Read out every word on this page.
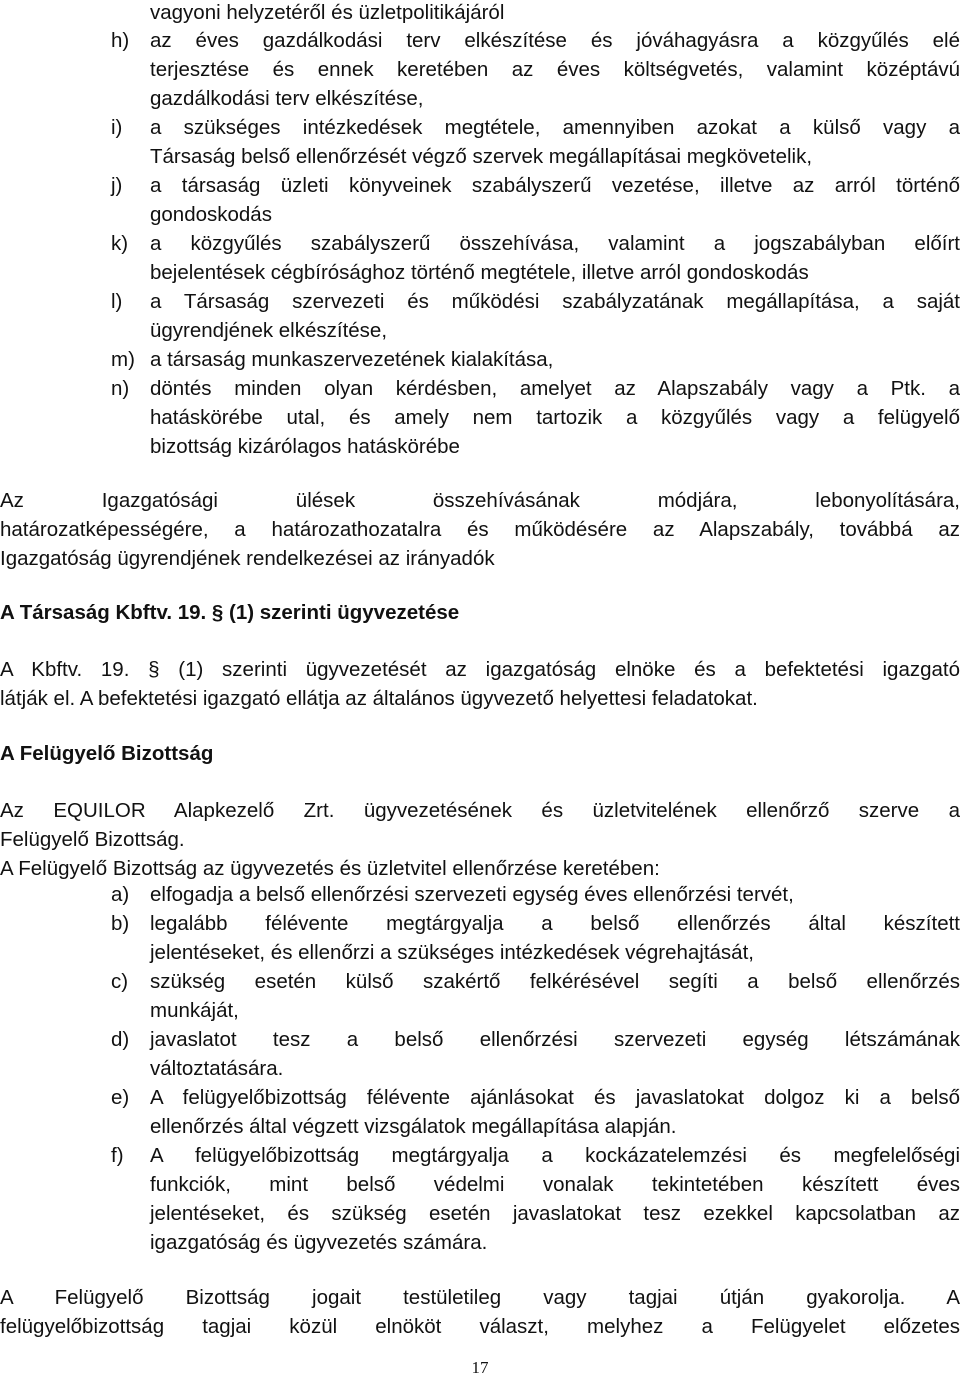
vagyoni helyzetéről és üzletpolitikájáról
h)	az éves gazdálkodási terv elkészítése és jóváhagyásra a közgyűlés elé
terjesztése és ennek keretében az éves költségvetés, valamint középtávú
gazdálkodási terv elkészítése,
i)	a szükséges intézkedések megtétele, amennyiben azokat a külső vagy a
Társaság belső ellenőrzését végző szervek megállapításai megkövetelik,
j)	a társaság üzleti könyveinek szabályszerű vezetése, illetve az arról történő
gondoskodás
k)	a közgyűlés szabályszerű összehívása, valamint a jogszabályban előírt
bejelentések cégbírósághoz történő megtétele, illetve arról gondoskodás
l)	a Társaság szervezeti és működési szabályzatának megállapítása, a saját
ügyrendjének elkészítése,
m) a társaság munkaszervezetének kialakítása,
n)	döntés minden olyan kérdésben, amelyet az Alapszabály vagy a Ptk. a
hatáskörébe utal, és amely nem tartozik a közgyűlés vagy a felügyelő
bizottság kizárólagos hatáskörébe
Az Igazgatósági ülések összehívásának módjára, lebonyolítására,
határozatképességére, a határozathozatalra és működésére az Alapszabály, továbbá az
Igazgatóság ügyrendjének rendelkezései az irányadók
A Társaság Kbftv. 19. § (1) szerinti ügyvezetése
A Kbftv. 19. § (1) szerinti ügyvezetését az igazgatóság elnöke és a befektetési igazgató
látják el. A befektetési igazgató ellátja az általános ügyvezető helyettesi feladatokat.
A Felügyelő Bizottság
Az EQUILOR Alapkezelő Zrt. ügyvezetésének és üzletvitelének ellenőrző szerve a
Felügyelő Bizottság.
A Felügyelő Bizottság az ügyvezetés és üzletvitel ellenőrzése keretében:
a)	elfogadja a belső ellenőrzési szervezeti egység éves ellenőrzési tervét,
b)	legalább félévente megtárgyalja a belső ellenőrzés által készített
jelentéseket, és ellenőrzi a szükséges intézkedések végrehajtását,
c)	szükség esetén külső szakértő felkérésével segíti a belső ellenőrzés
munkáját,
d)	javaslatot tesz a belső ellenőrzési szervezeti egység létszámának
változtatására.
e)	A felügyelőbizottság félévente ajánlásokat és javaslatokat dolgoz ki a belső
ellenőrzés által végzett vizsgálatok megállapítása alapján.
f)	A felügyelőbizottság megtárgyalja a kockázatelemzési és megfelelőségi
funkciók, mint belső védelmi vonalak tekintetében készített éves
jelentéseket, és szükség esetén javaslatokat tesz ezekkel kapcsolatban az
igazgatóság és ügyvezetés számára.
A Felügyelő Bizottság jogait testületileg vagy tagjai útján gyakorolja. A
felügyelőbizottság tagjai közül elnököt választ, melyhez a Felügyelet előzetes
17
